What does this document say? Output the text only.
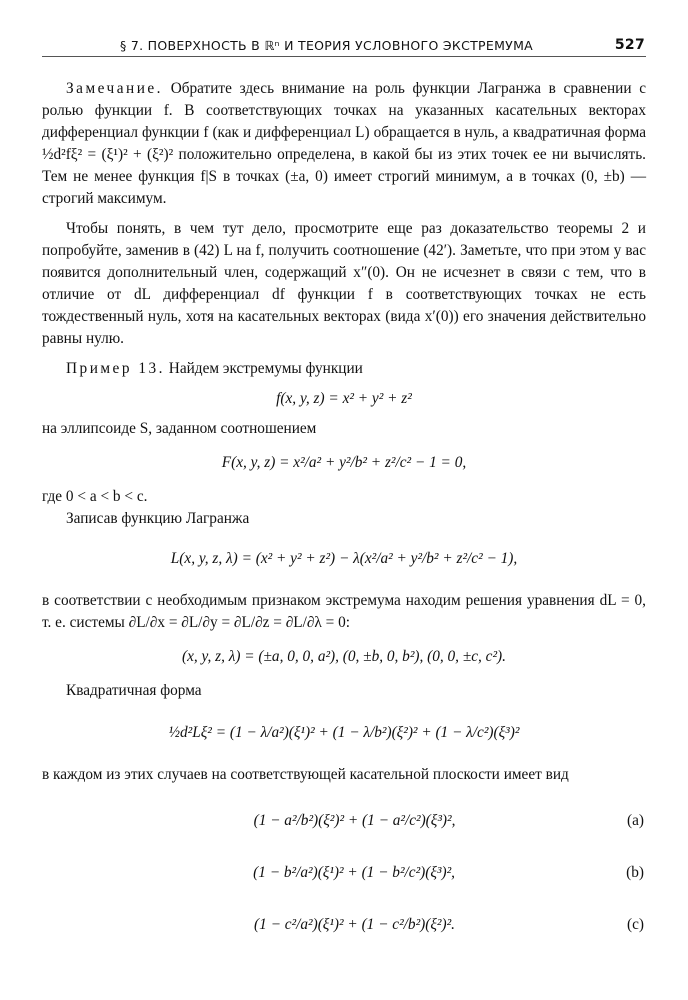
§ 7. ПОВЕРХНОСТЬ В ℝⁿ И ТЕОРИЯ УСЛОВНОГО ЭКСТРЕМУМА	527

Замечание. Обратите здесь внимание на роль функции Лагранжа в сравнении с ролью функции f. В соответствующих точках на указанных касательных векторах дифференциал функции f (как и дифференциал L) обращается в нуль, а квадратичная форма ½d²fξ² = (ξ¹)² + (ξ²)² положительно определена, в какой бы из этих точек ее ни вычислять. Тем не менее функция f|S в точках (±a, 0) имеет строгий минимум, а в точках (0, ±b) — строгий максимум.

Чтобы понять, в чем тут дело, просмотрите еще раз доказательство теоремы 2 и попробуйте, заменив в (42) L на f, получить соотношение (42′). Заметьте, что при этом у вас появится дополнительный член, содержащий x″(0). Он не исчезнет в связи с тем, что в отличие от dL дифференциал df функции f в соответствующих точках не есть тождественный нуль, хотя на касательных векторах (вида x′(0)) его значения действительно равны нулю.

Пример 13. Найдем экстремумы функции

f(x, y, z) = x² + y² + z²

на эллипсоиде S, заданном соотношением

F(x, y, z) = x²/a² + y²/b² + z²/c² − 1 = 0,

где 0 < a < b < c.

Записав функцию Лагранжа

L(x, y, z, λ) = (x² + y² + z²) − λ(x²/a² + y²/b² + z²/c² − 1),

в соответствии с необходимым признаком экстремума находим решения уравнения dL = 0, т. е. системы ∂L/∂x = ∂L/∂y = ∂L/∂z = ∂L/∂λ = 0:

(x, y, z, λ) = (±a, 0, 0, a²), (0, ±b, 0, b²), (0, 0, ±c, c²).

Квадратичная форма

½d²Lξ² = (1 − λ/a²)(ξ¹)² + (1 − λ/b²)(ξ²)² + (1 − λ/c²)(ξ³)²

в каждом из этих случаев на соответствующей касательной плоскости имеет вид

(1 − a²/b²)(ξ²)² + (1 − a²/c²)(ξ³)²,	(a)
(1 − b²/a²)(ξ¹)² + (1 − b²/c²)(ξ³)²,	(b)
(1 − c²/a²)(ξ¹)² + (1 − c²/b²)(ξ²)².	(c)
